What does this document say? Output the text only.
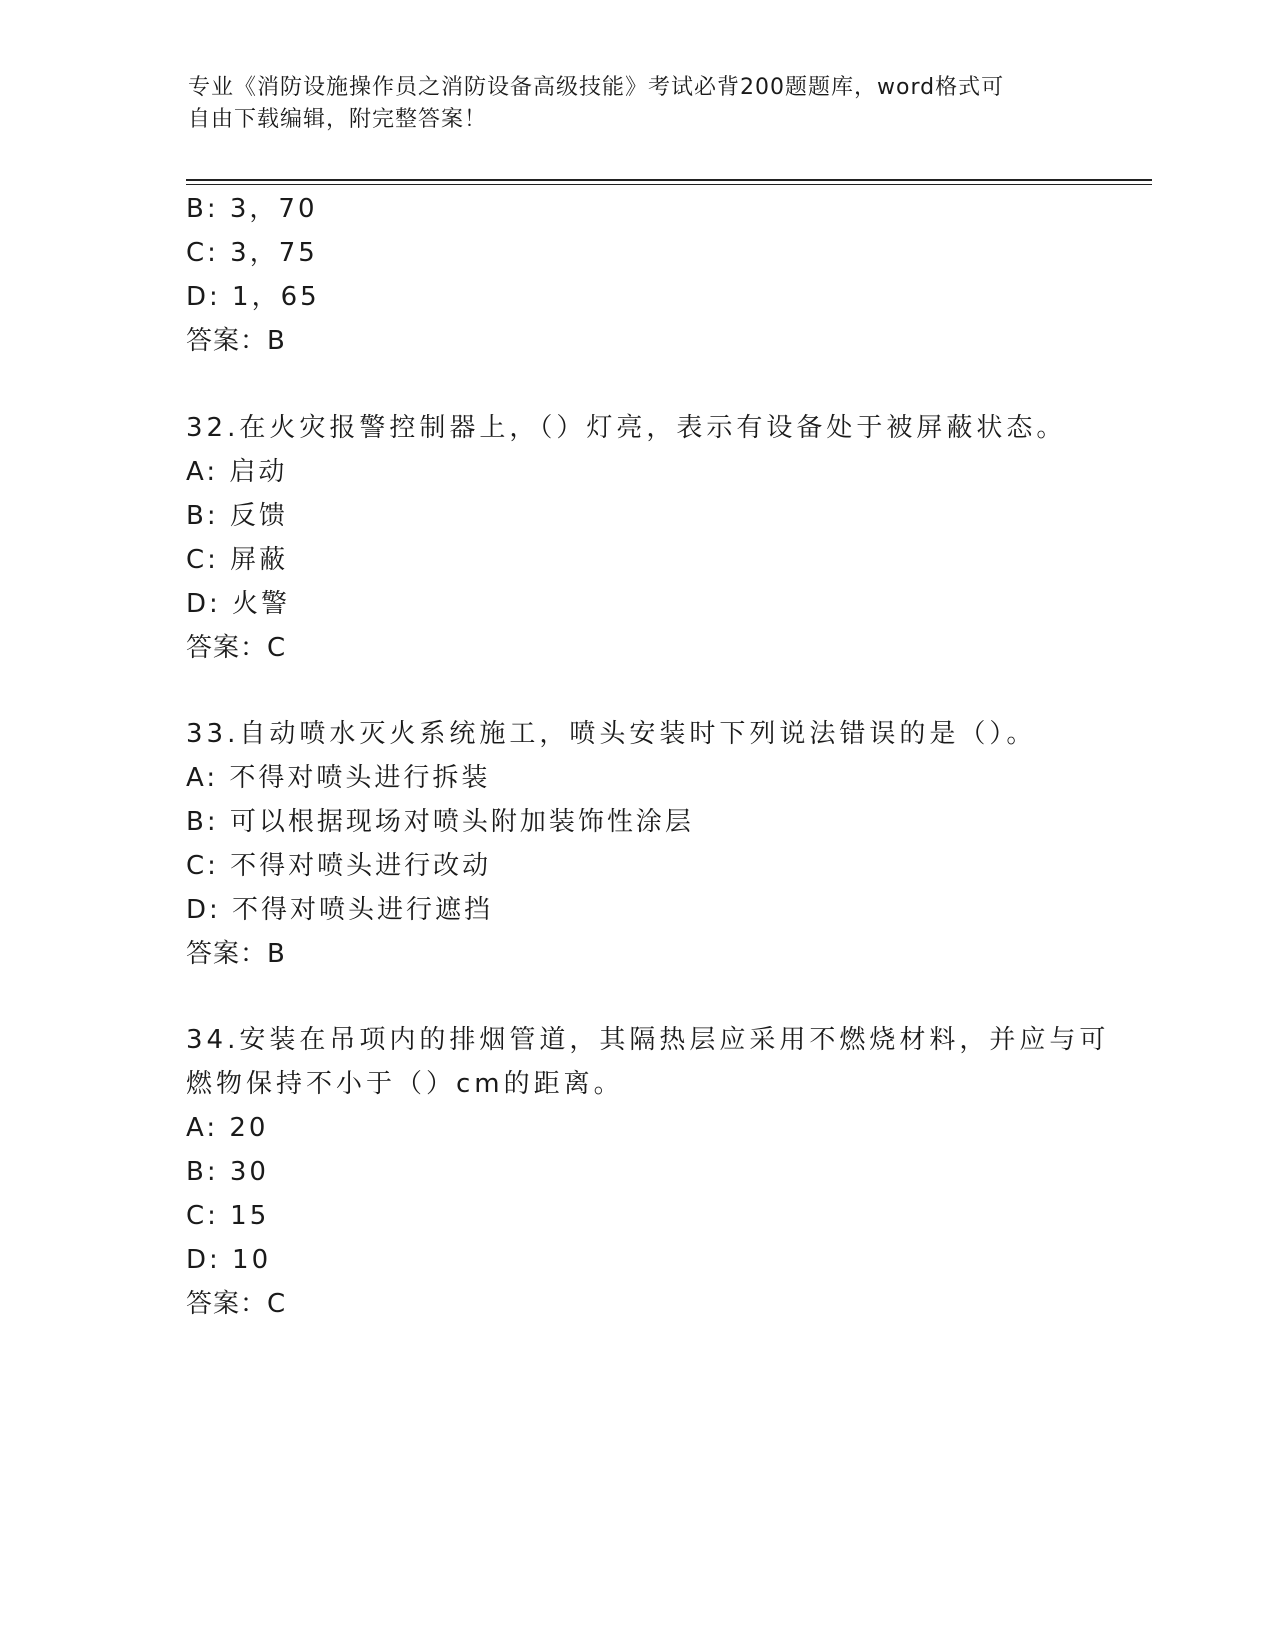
专业《消防设施操作员之消防设备高级技能》考试必背200题题库，word格式可
自由下载编辑，附完整答案！
B: 3，70
C: 3，75
D: 1，65
答案：B
32.在火灾报警控制器上，（）灯亮，表示有设备处于被屏蔽状态。
A: 启动
B: 反馈
C: 屏蔽
D: 火警
答案：C
33.自动喷水灭火系统施工，喷头安装时下列说法错误的是（）。
A: 不得对喷头进行拆装
B: 可以根据现场对喷头附加装饰性涂层
C: 不得对喷头进行改动
D: 不得对喷头进行遮挡
答案：B
34.安装在吊项内的排烟管道，其隔热层应采用不燃烧材料，并应与可
燃物保持不小于（）cm的距离。
A: 20
B: 30
C: 15
D: 10
答案：C
